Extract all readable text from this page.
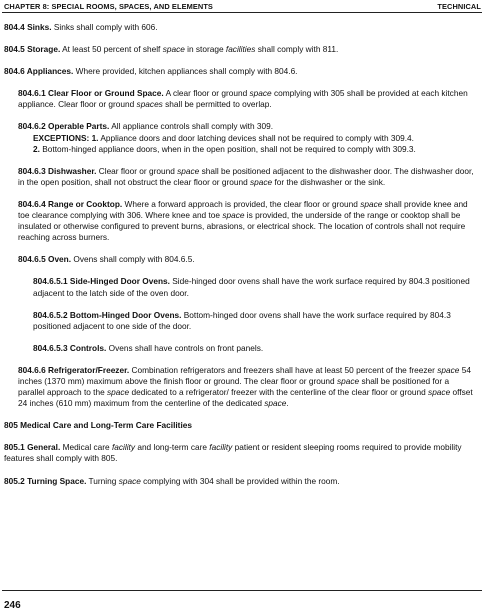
CHAPTER 8: SPECIAL ROOMS, SPACES, AND ELEMENTS	TECHNICAL

804.4 Sinks. Sinks shall comply with 606.

804.5 Storage. At least 50 percent of shelf space in storage facilities shall comply with 811.

804.6 Appliances. Where provided, kitchen appliances shall comply with 804.6.

804.6.1 Clear Floor or Ground Space. A clear floor or ground space complying with 305 shall be provided at each kitchen appliance. Clear floor or ground spaces shall be permitted to overlap.

804.6.2 Operable Parts. All appliance controls shall comply with 309.

EXCEPTIONS: 1. Appliance doors and door latching devices shall not be required to comply with 309.4.
2. Bottom-hinged appliance doors, when in the open position, shall not be required to comply with 309.3.

804.6.3 Dishwasher. Clear floor or ground space shall be positioned adjacent to the dishwasher door. The dishwasher door, in the open position, shall not obstruct the clear floor or ground space for the dishwasher or the sink.

804.6.4 Range or Cooktop. Where a forward approach is provided, the clear floor or ground space shall provide knee and toe clearance complying with 306. Where knee and toe space is provided, the underside of the range or cooktop shall be insulated or otherwise configured to prevent burns, abrasions, or electrical shock. The location of controls shall not require reaching across burners.

804.6.5 Oven. Ovens shall comply with 804.6.5.

804.6.5.1 Side-Hinged Door Ovens. Side-hinged door ovens shall have the work surface required by 804.3 positioned adjacent to the latch side of the oven door.

804.6.5.2 Bottom-Hinged Door Ovens. Bottom-hinged door ovens shall have the work surface required by 804.3 positioned adjacent to one side of the door.

804.6.5.3 Controls. Ovens shall have controls on front panels.

804.6.6 Refrigerator/Freezer. Combination refrigerators and freezers shall have at least 50 percent of the freezer space 54 inches (1370 mm) maximum above the finish floor or ground. The clear floor or ground space shall be positioned for a parallel approach to the space dedicated to a refrigerator/ freezer with the centerline of the clear floor or ground space offset 24 inches (610 mm) maximum from the centerline of the dedicated space.

805 Medical Care and Long-Term Care Facilities

805.1 General. Medical care facility and long-term care facility patient or resident sleeping rooms required to provide mobility features shall comply with 805.

805.2 Turning Space. Turning space complying with 304 shall be provided within the room.

246
